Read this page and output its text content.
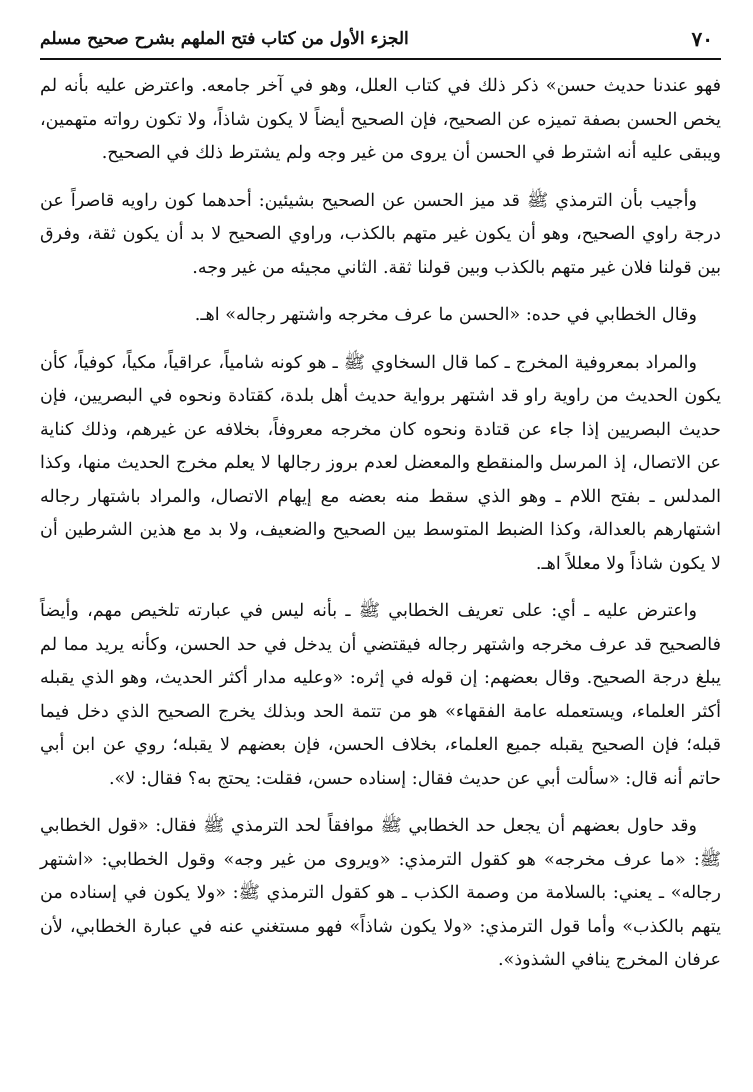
٧٠
الجزء الأول من كتاب فتح الملهم بشرح صحيح مسلم

فهو عندنا حديث حسن» ذكر ذلك في كتاب العلل، وهو في آخر جامعه. واعترض عليه بأنه لم يخص الحسن بصفة تميزه عن الصحيح، فإن الصحيح أيضاً لا يكون شاذاً، ولا تكون رواته متهمين، ويبقى عليه أنه اشترط في الحسن أن يروى من غير وجه ولم يشترط ذلك في الصحيح.

وأجيب بأن الترمذي ﷺ قد ميز الحسن عن الصحيح بشيئين: أحدهما كون راويه قاصراً عن درجة راوي الصحيح، وهو أن يكون غير متهم بالكذب، وراوي الصحيح لا بد أن يكون ثقة، وفرق بين قولنا فلان غير متهم بالكذب وبين قولنا ثقة. الثاني مجيئه من غير وجه.

وقال الخطابي في حده: «الحسن ما عرف مخرجه واشتهر رجاله» اهـ.

والمراد بمعروفية المخرج ـ كما قال السخاوي ﷺ ـ هو كونه شامياً، عراقياً، مكياً، كوفياً، كأن يكون الحديث من راوية راو قد اشتهر برواية حديث أهل بلدة، كقتادة ونحوه في البصريين، فإن حديث البصريين إذا جاء عن قتادة ونحوه كان مخرجه معروفاً، بخلافه عن غيرهم، وذلك كناية عن الاتصال، إذ المرسل والمنقطع والمعضل لعدم بروز رجالها لا يعلم مخرج الحديث منها، وكذا المدلس ـ بفتح اللام ـ وهو الذي سقط منه بعضه مع إيهام الاتصال، والمراد باشتهار رجاله اشتهارهم بالعدالة، وكذا الضبط المتوسط بين الصحيح والضعيف، ولا بد مع هذين الشرطين أن لا يكون شاذاً ولا معللاً اهـ.

واعترض عليه ـ أي: على تعريف الخطابي ﷺ ـ بأنه ليس في عبارته تلخيص مهم، وأيضاً فالصحيح قد عرف مخرجه واشتهر رجاله فيقتضي أن يدخل في حد الحسن، وكأنه يريد مما لم يبلغ درجة الصحيح. وقال بعضهم: إن قوله في إثره: «وعليه مدار أكثر الحديث، وهو الذي يقبله أكثر العلماء، ويستعمله عامة الفقهاء» هو من تتمة الحد وبذلك يخرج الصحيح الذي دخل فيما قبله؛ فإن الصحيح يقبله جميع العلماء، بخلاف الحسن، فإن بعضهم لا يقبله؛ روي عن ابن أبي حاتم أنه قال: «سألت أبي عن حديث فقال: إسناده حسن، فقلت: يحتج به؟ فقال: لا».

وقد حاول بعضهم أن يجعل حد الخطابي ﷺ موافقاً لحد الترمذي ﷺ فقال: «قول الخطابي ﷺ: «ما عرف مخرجه» هو كقول الترمذي: «ويروى من غير وجه» وقول الخطابي: «اشتهر رجاله» ـ يعني: بالسلامة من وصمة الكذب ـ هو كقول الترمذي ﷺ: «ولا يكون في إسناده من يتهم بالكذب» وأما قول الترمذي: «ولا يكون شاذاً» فهو مستغني عنه في عبارة الخطابي، لأن عرفان المخرج ينافي الشذوذ».
